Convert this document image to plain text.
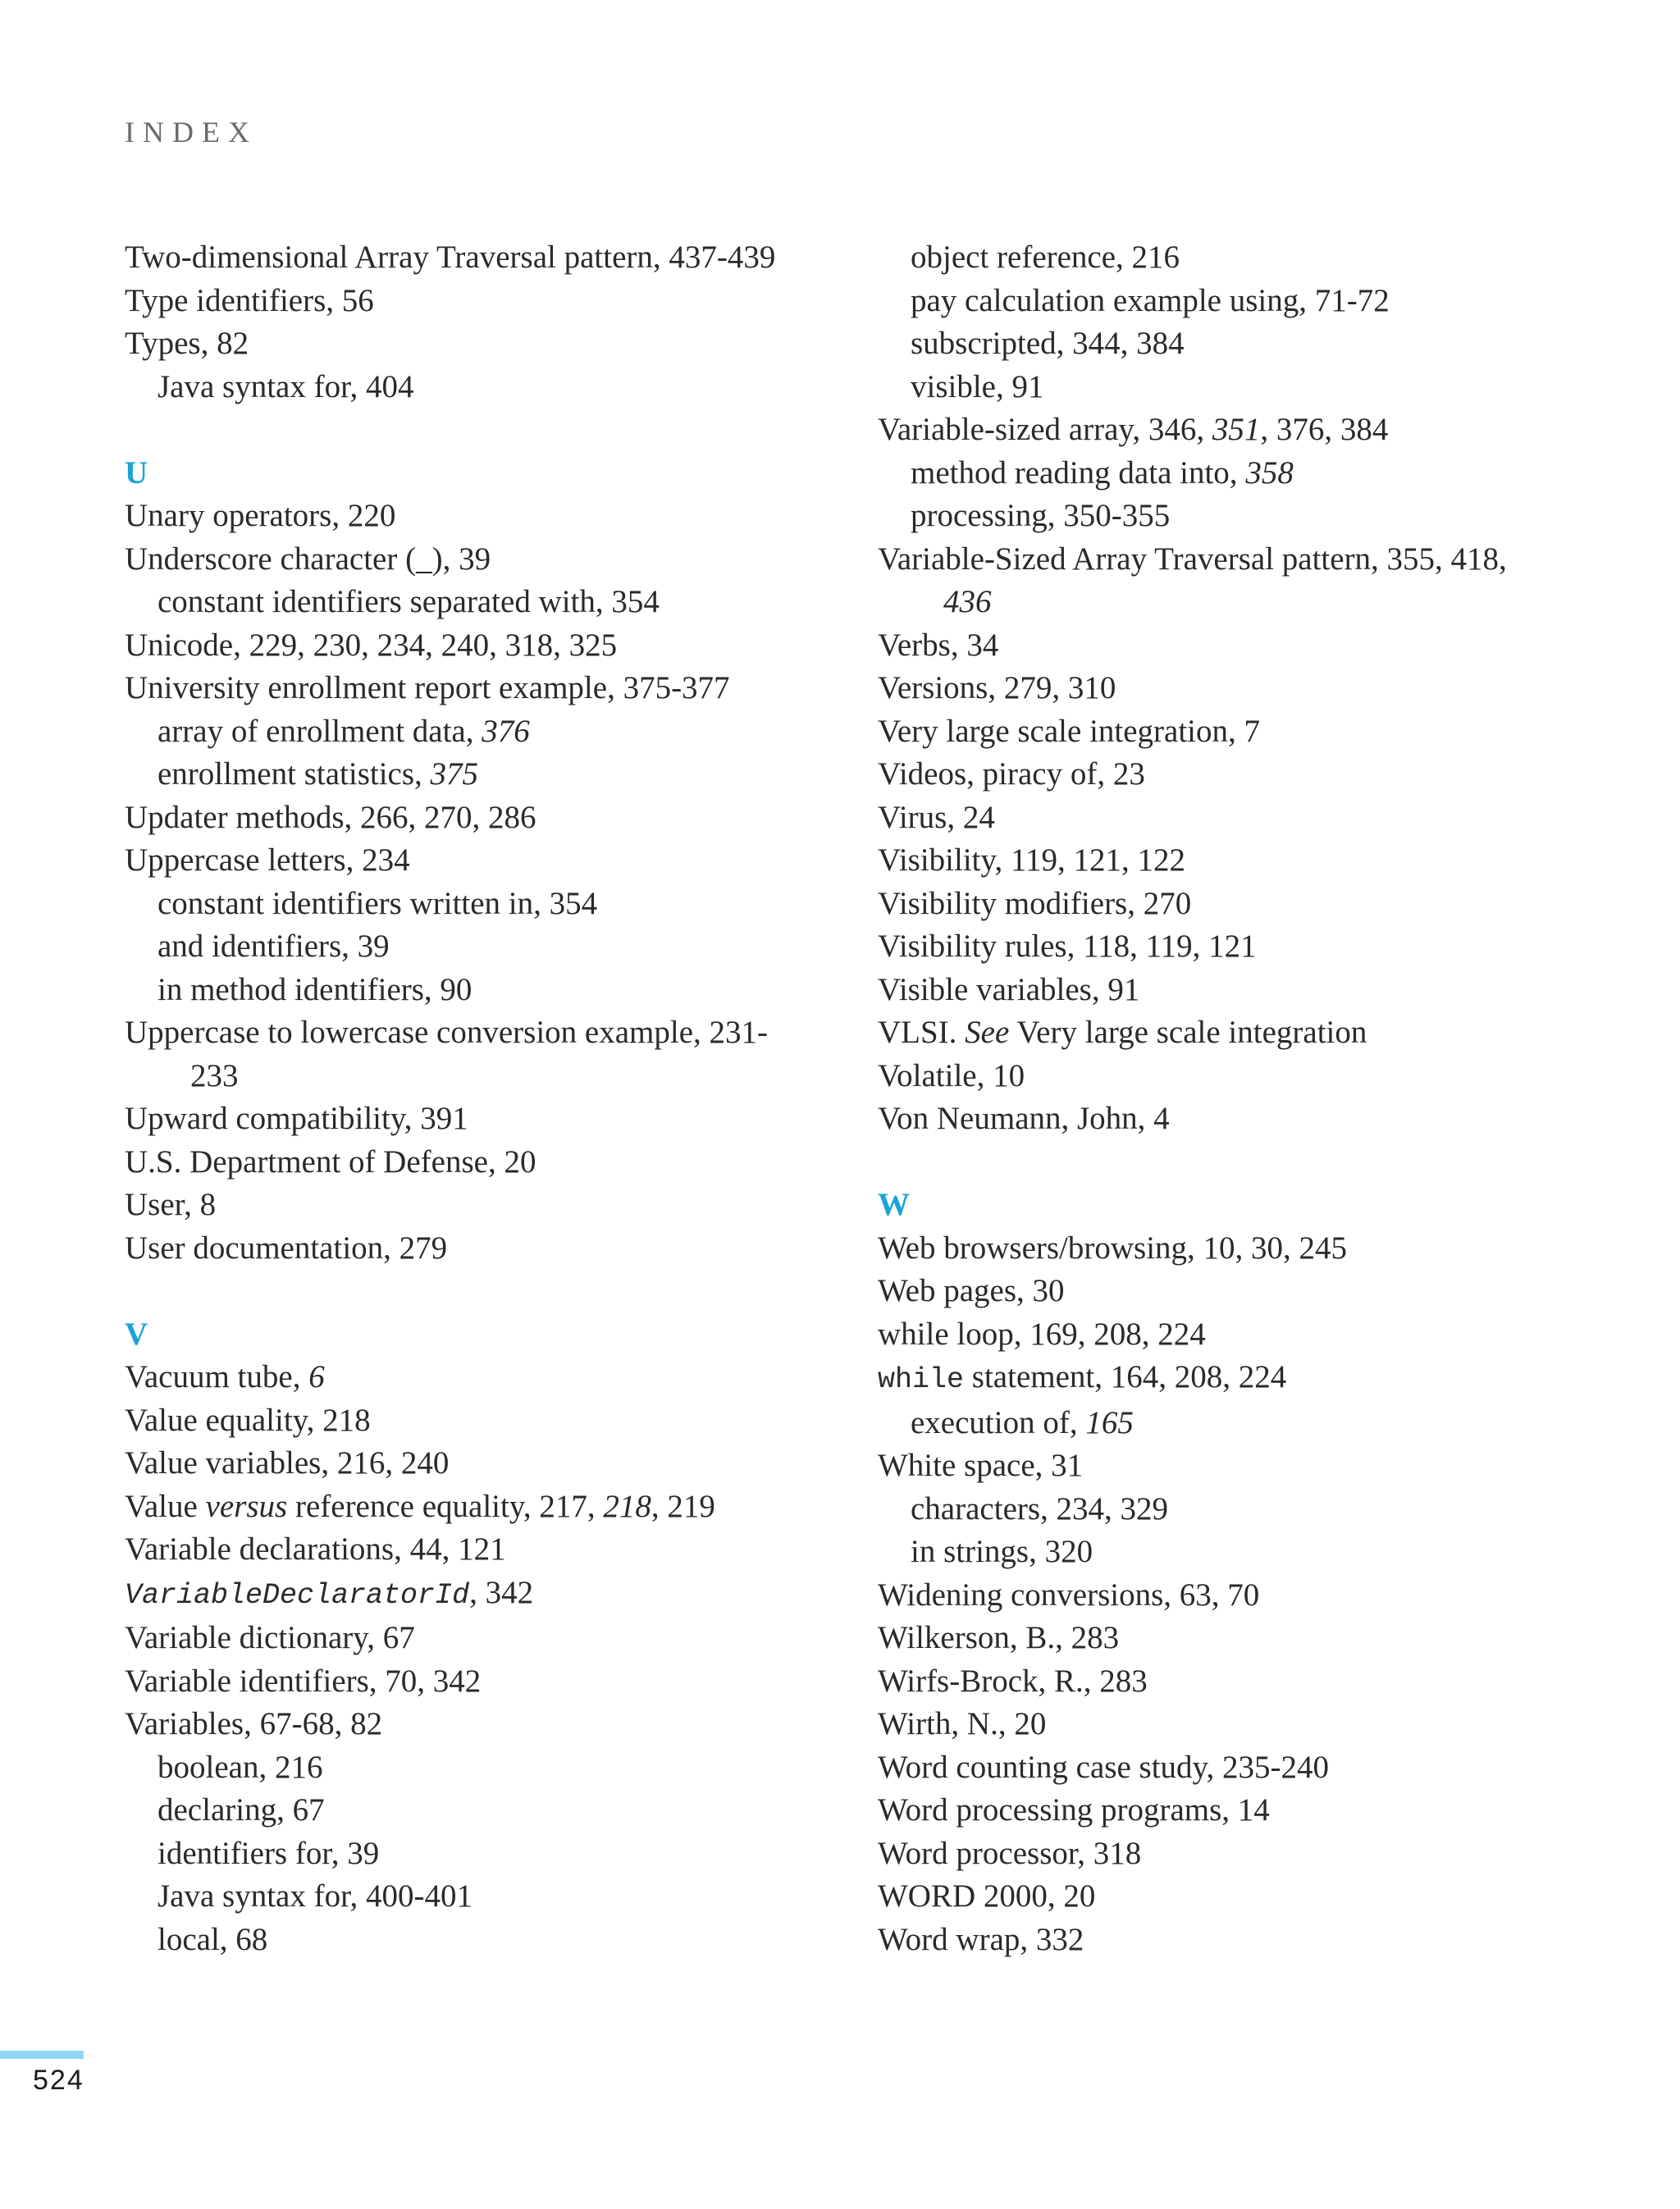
INDEX
Two-dimensional Array Traversal pattern, 437-439
Type identifiers, 56
Types, 82
Java syntax for, 404
U
Unary operators, 220
Underscore character (_), 39
constant identifiers separated with, 354
Unicode, 229, 230, 234, 240, 318, 325
University enrollment report example, 375-377
array of enrollment data, 376
enrollment statistics, 375
Updater methods, 266, 270, 286
Uppercase letters, 234
constant identifiers written in, 354
and identifiers, 39
in method identifiers, 90
Uppercase to lowercase conversion example, 231-
233
Upward compatibility, 391
U.S. Department of Defense, 20
User, 8
User documentation, 279
V
Vacuum tube, 6
Value equality, 218
Value variables, 216, 240
Value versus reference equality, 217, 218, 219
Variable declarations, 44, 121
VariableDeclaratorId, 342
Variable dictionary, 67
Variable identifiers, 70, 342
Variables, 67-68, 82
boolean, 216
declaring, 67
identifiers for, 39
Java syntax for, 400-401
local, 68
object reference, 216
pay calculation example using, 71-72
subscripted, 344, 384
visible, 91
Variable-sized array, 346, 351, 376, 384
method reading data into, 358
processing, 350-355
Variable-Sized Array Traversal pattern, 355, 418,
436
Verbs, 34
Versions, 279, 310
Very large scale integration, 7
Videos, piracy of, 23
Virus, 24
Visibility, 119, 121, 122
Visibility modifiers, 270
Visibility rules, 118, 119, 121
Visible variables, 91
VLSI. See Very large scale integration
Volatile, 10
Von Neumann, John, 4
W
Web browsers/browsing, 10, 30, 245
Web pages, 30
while loop, 169, 208, 224
while statement, 164, 208, 224
execution of, 165
White space, 31
characters, 234, 329
in strings, 320
Widening conversions, 63, 70
Wilkerson, B., 283
Wirfs-Brock, R., 283
Wirth, N., 20
Word counting case study, 235-240
Word processing programs, 14
Word processor, 318
WORD 2000, 20
Word wrap, 332
524
